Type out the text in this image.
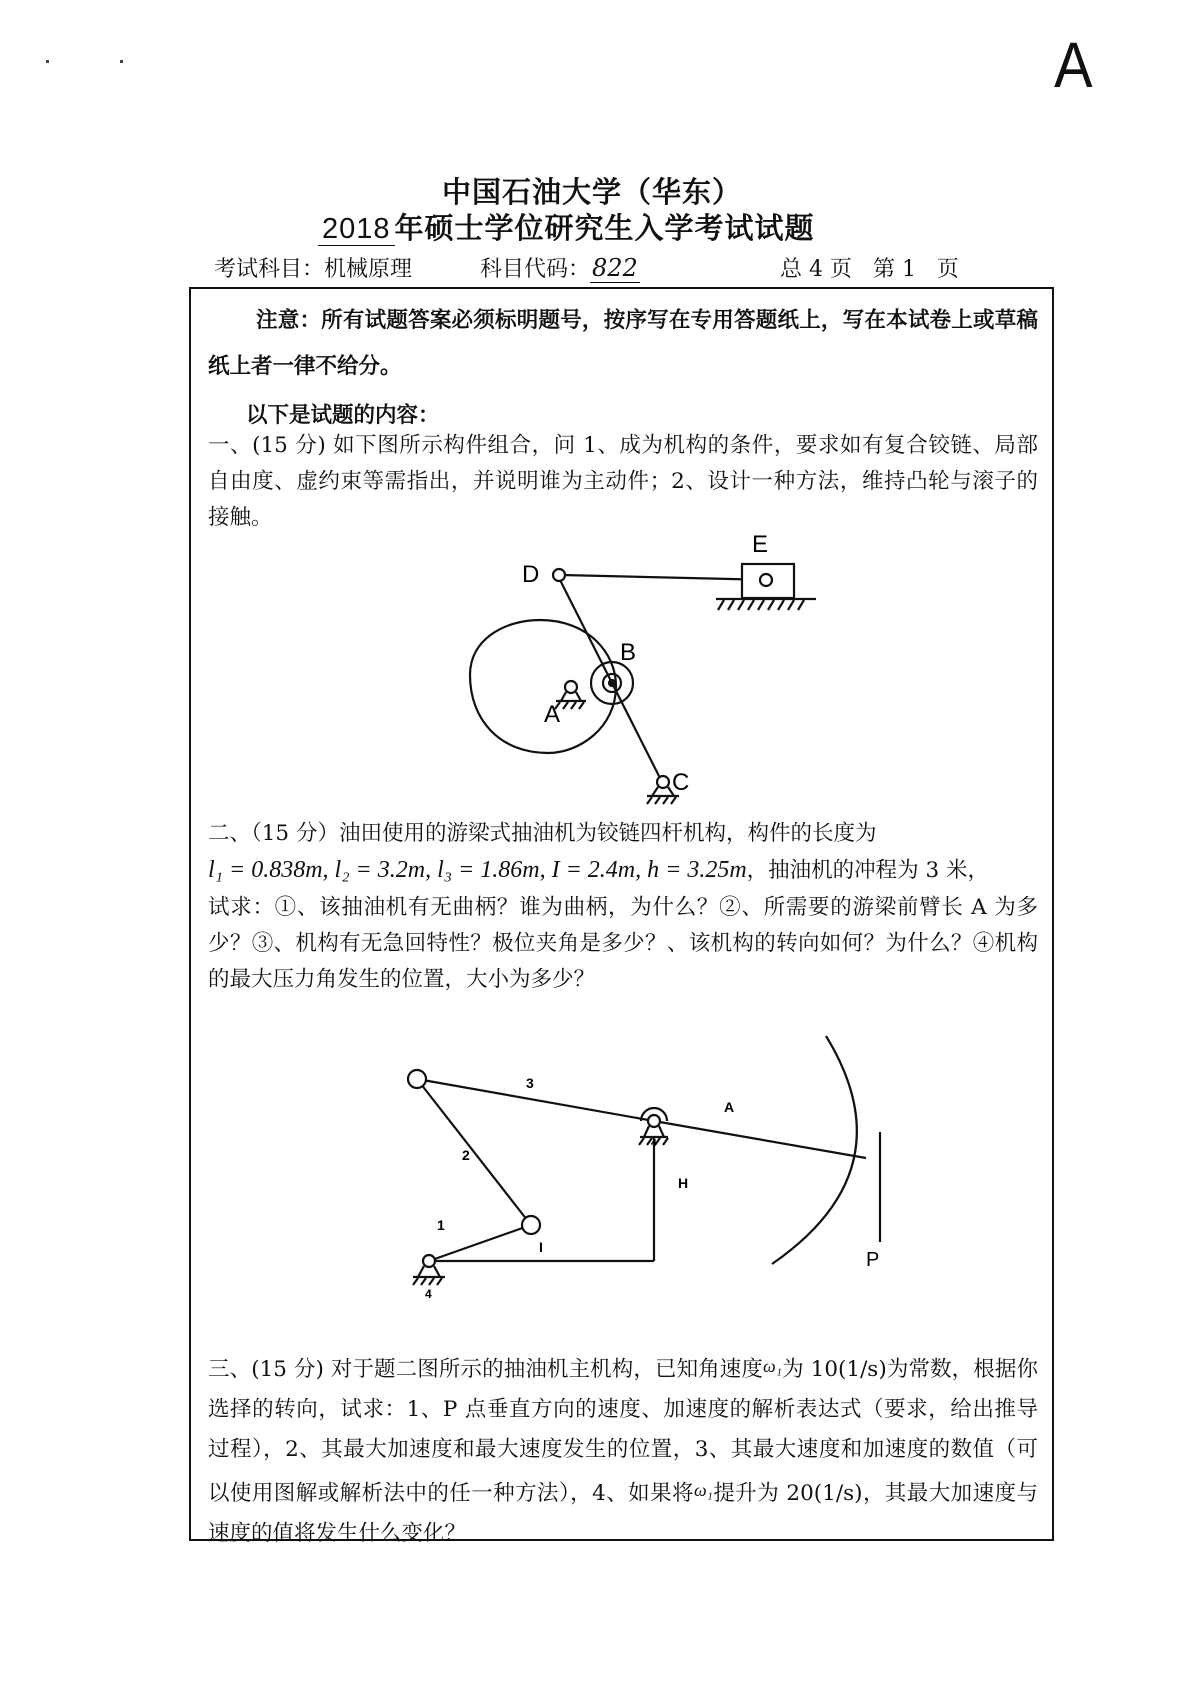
A
中国石油大学（华东）
2018 年硕士学位研究生入学考试试题
考试科目：机械原理	科目代码：822	总 4 页   第 1   页
注意：所有试题答案必须标明题号，按序写在专用答题纸上，写在本试卷上或草稿纸上者一律不给分。
以下是试题的内容：
一、(15 分) 如下图所示构件组合，问 1、成为机构的条件，要求如有复合铰链、局部自由度、虚约束等需指出，并说明谁为主动件；2、设计一种方法，维持凸轮与滚子的接触。
D
E
B
A
C
二、（15 分）油田使用的游梁式抽油机为铰链四杆机构，构件的长度为
l₁ = 0.838m, l₂ = 3.2m, l₃ = 1.86m, I = 2.4m, h = 3.25m，抽油机的冲程为 3 米，
试求：①、该抽油机有无曲柄？谁为曲柄，为什么？②、所需要的游梁前臂长 A 为多少？③、机构有无急回特性？极位夹角是多少？、该机构的转向如何？为什么？④机构的最大压力角发生的位置，大小为多少？
3
2
1
A
H
I
P
4
4
三、(15 分) 对于题二图所示的抽油机主机构，已知角速度ω₁为 10(1/s)为常数，根据你选择的转向，试求：1、P 点垂直方向的速度、加速度的解析表达式（要求，给出推导过程），2、其最大加速度和最大速度发生的位置，3、其最大速度和加速度的数值（可以使用图解或解析法中的任一种方法），4、如果将ω₁提升为 20(1/s)，其最大加速度与速度的值将发生什么变化？
